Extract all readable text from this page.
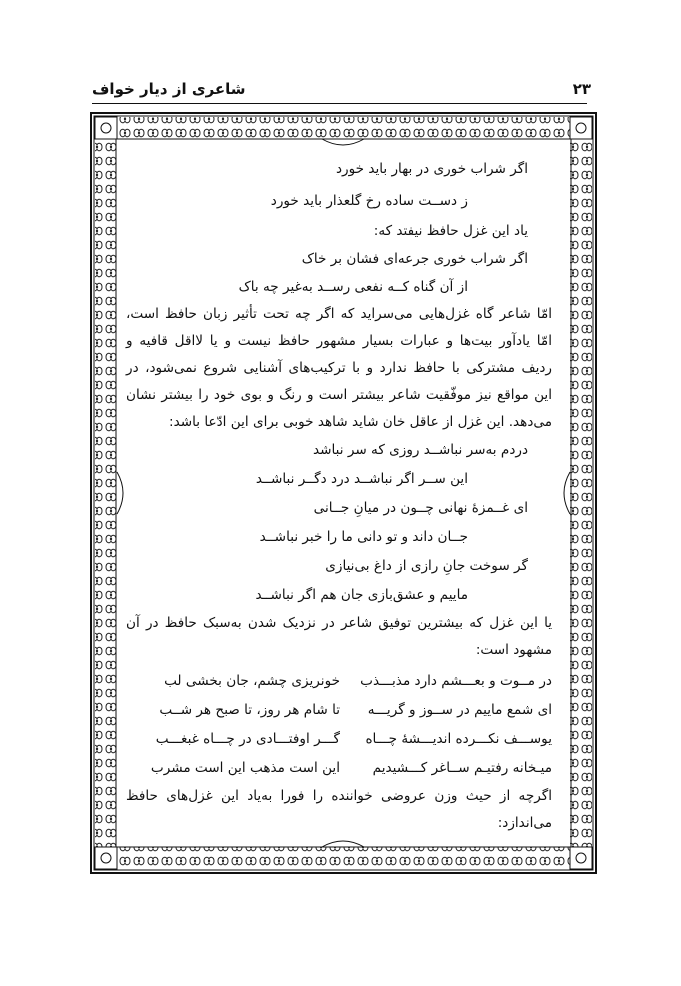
شاعری از دیار خواف	۲۳
اگر شراب خوری در بهار باید خورد
ز دســت ساده رخ گلعذار باید خورد
یاد این غزل حافظ نیفتد که:
اگر شراب خوری جرعه‌ای فشان بر خاک
از آن گناه کــه نفعی رســد به‌غیر چه باک
امّا شاعر گاه غزل‌هایی می‌سراید که اگر چه تحت تأثیر زبان حافظ است،
امّا یادآور بیت‌ها و عبارات بسیار مشهور حافظ نیست و یا لااقل قافیه و
ردیف مشترکی با حافظ ندارد و با ترکیب‌های آشنایی شروع نمی‌شود، در
این مواقع نیز موفّقیت شاعر بیشتر است و رنگ و بوی خود را بیشتر نشان
می‌دهد. این غزل از عاقل خان شاید شاهد خوبی برای این ادّعا باشد:
دردم به‌سر نباشــد روزی که سر نباشد
این ســر اگر نباشــد درد دگــر نباشــد
ای غــمزهٔ نهانی چــون در میانِ جــانی
جــان داند و تو دانی ما را خبر نباشــد
گر سوخت جانِ رازی از داغ بی‌نیازی
ماییم و عشق‌بازی جان هم اگر نباشــد
یا این غزل که بیشترین توفیق شاعر در نزدیک شدن به‌سبک حافظ در آن
مشهود است:
در مــوت و بعـــشم دارد مذبـــذب
خونریزی چشم، جان بخشی لب
ای شمع ماییم در ســوز و گریـــه
تا شام هر روز، تا صبح هر شــب
یوســـف نکـــرده اندیـــشهٔ چـــاه
گـــر اوفتـــادی در چـــاه غبغـــب
میـخانه رفتیـم ســاغر کـــشیدیم
این است مذهب این است مشرب
اگرچه از حیث وزن عروضی خواننده را فورا به‌یاد این غزل‌های حافظ
می‌اندازد:
